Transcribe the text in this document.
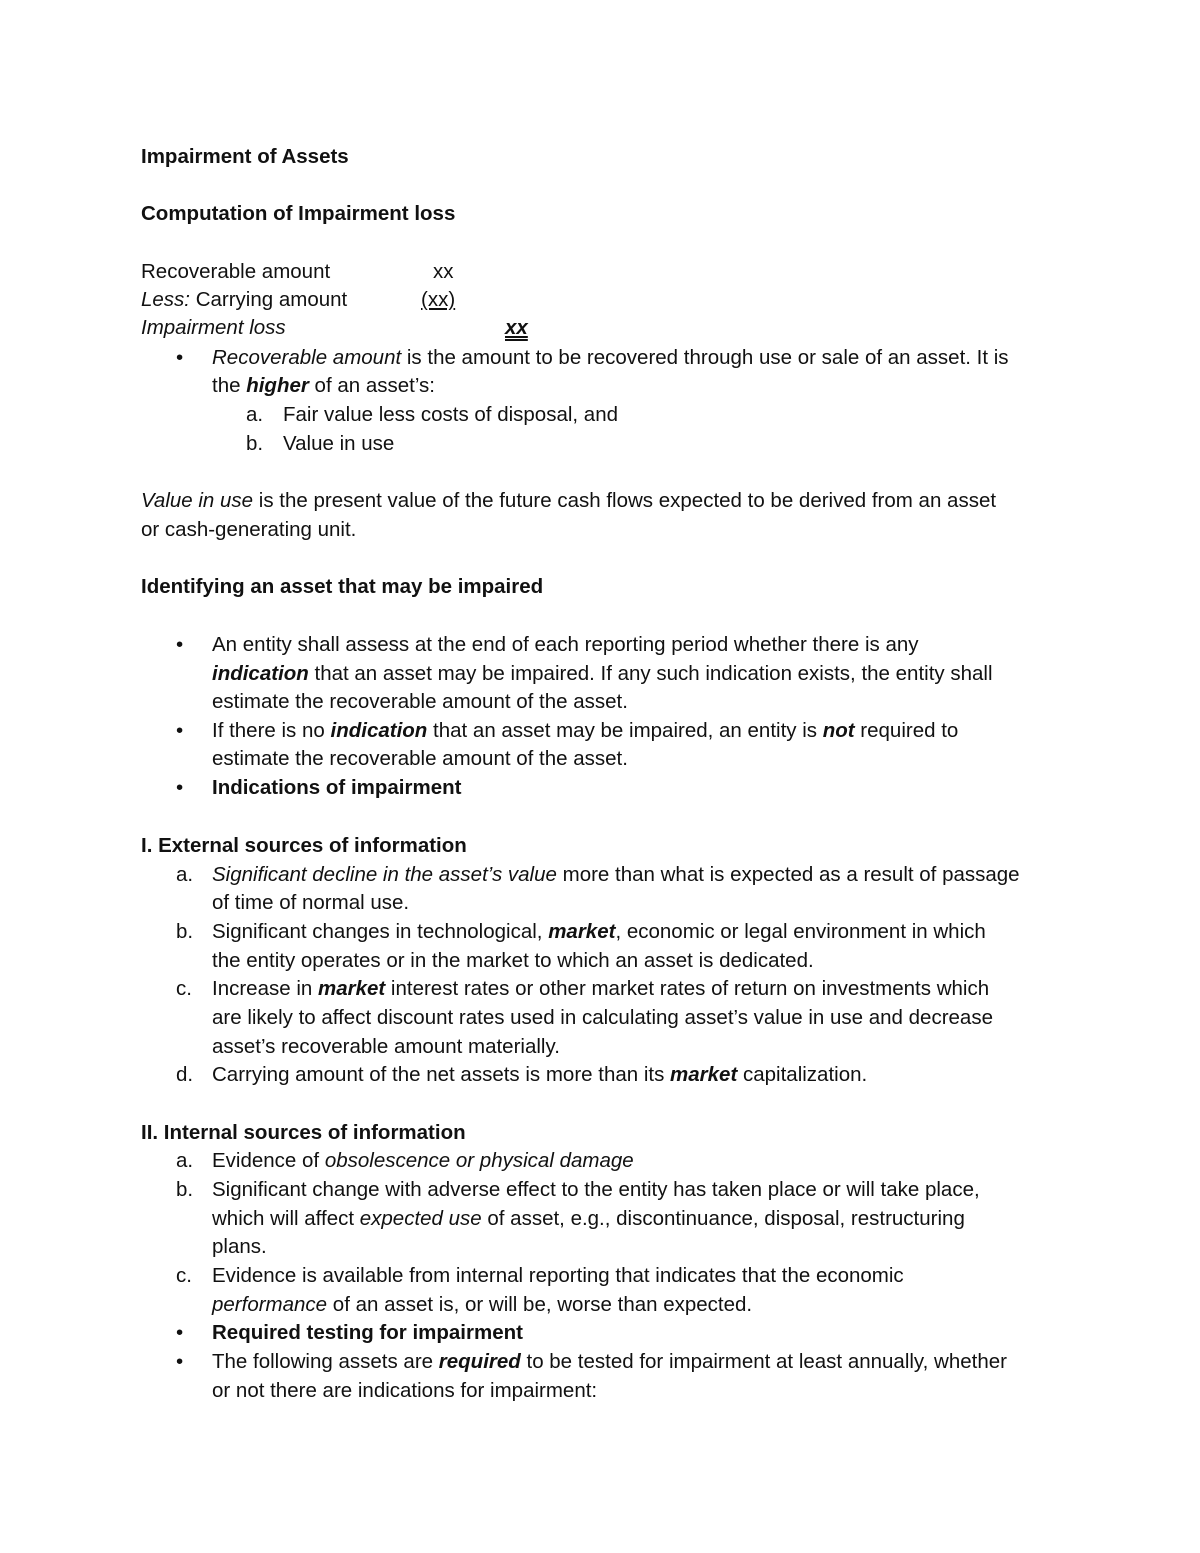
Impairment of Assets
Computation of Impairment loss
Recoverable amount	xx
Less: Carrying amount	(xx)
Impairment loss	xx
•	Recoverable amount is the amount to be recovered through use or sale of an asset. It is
the higher of an asset’s:
a. Fair value less costs of disposal, and
b. Value in use
Value in use is the present value of the future cash flows expected to be derived from an asset
or cash-generating unit.
Identifying an asset that may be impaired
•	An entity shall assess at the end of each reporting period whether there is any
indication that an asset may be impaired. If any such indication exists, the entity shall
estimate the recoverable amount of the asset.
•	If there is no indication that an asset may be impaired, an entity is not required to
estimate the recoverable amount of the asset.
•	Indications of impairment
I. External sources of information
a. Significant decline in the asset’s value more than what is expected as a result of passage
of time of normal use.
b. Significant changes in technological, market, economic or legal environment in which
the entity operates or in the market to which an asset is dedicated.
c. Increase in market interest rates or other market rates of return on investments which
are likely to affect discount rates used in calculating asset’s value in use and decrease
asset’s recoverable amount materially.
d. Carrying amount of the net assets is more than its market capitalization.
II. Internal sources of information
a. Evidence of obsolescence or physical damage
b. Significant change with adverse effect to the entity has taken place or will take place,
which will affect expected use of asset, e.g., discontinuance, disposal, restructuring
plans.
c. Evidence is available from internal reporting that indicates that the economic
performance of an asset is, or will be, worse than expected.
•	Required testing for impairment
•	The following assets are required to be tested for impairment at least annually, whether
or not there are indications for impairment:
